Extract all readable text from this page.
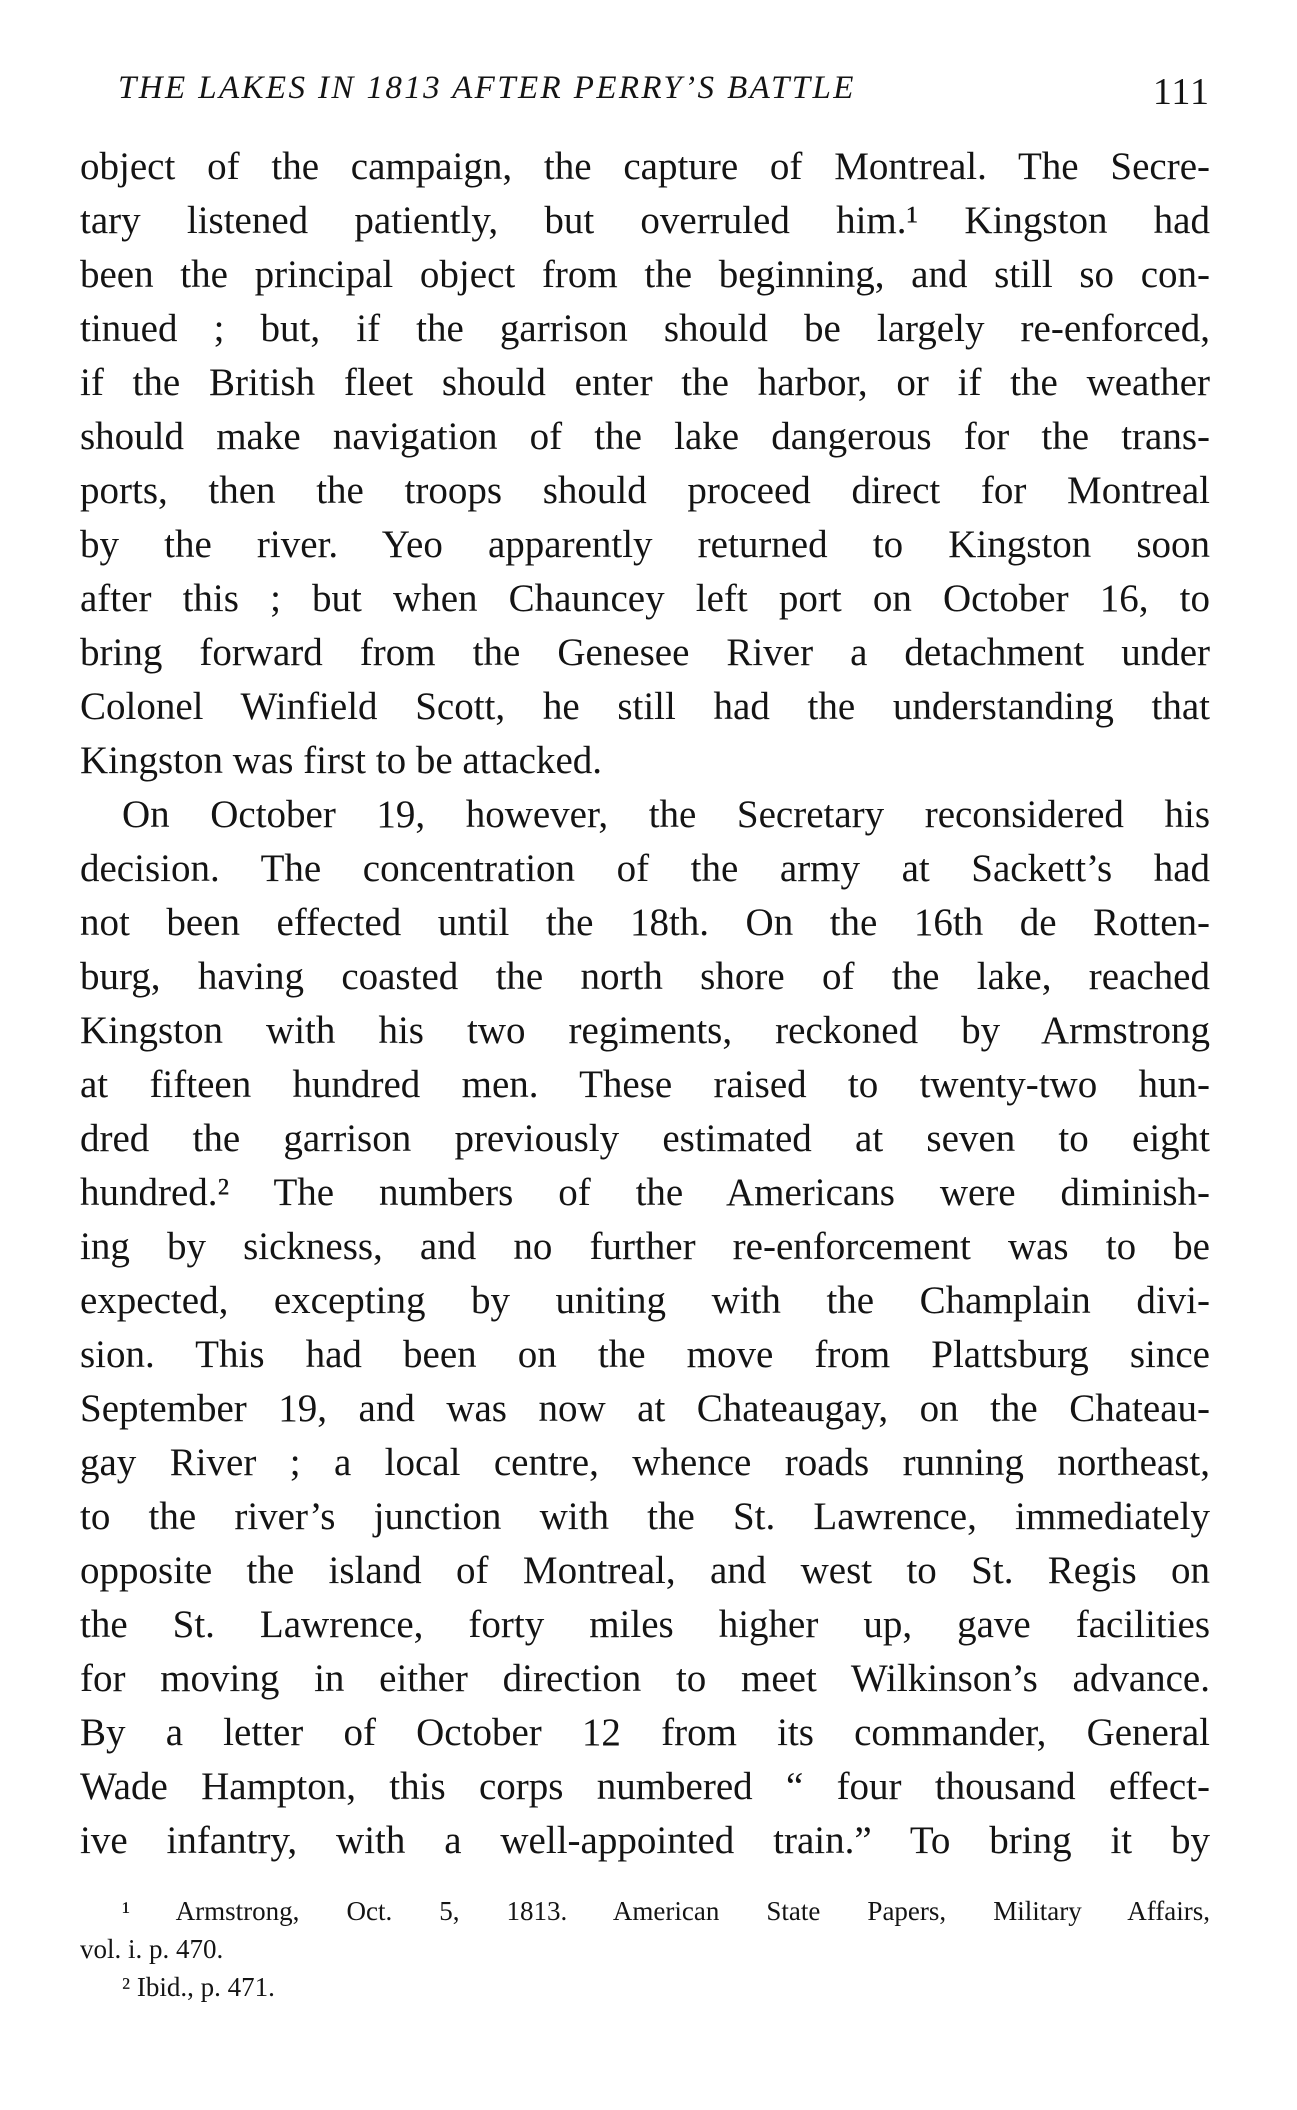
THE LAKES IN 1813 AFTER PERRY’S BATTLE	111
object of the campaign, the capture of Montreal. The Secre-
tary listened patiently, but overruled him.¹ Kingston had
been the principal object from the beginning, and still so con-
tinued ; but, if the garrison should be largely re-enforced,
if the British fleet should enter the harbor, or if the weather
should make navigation of the lake dangerous for the trans-
ports, then the troops should proceed direct for Montreal
by the river. Yeo apparently returned to Kingston soon
after this ; but when Chauncey left port on October 16, to
bring forward from the Genesee River a detachment under
Colonel Winfield Scott, he still had the understanding that
Kingston was first to be attacked.
On October 19, however, the Secretary reconsidered his
decision. The concentration of the army at Sackett’s had
not been effected until the 18th. On the 16th de Rotten-
burg, having coasted the north shore of the lake, reached
Kingston with his two regiments, reckoned by Armstrong
at fifteen hundred men. These raised to twenty-two hun-
dred the garrison previously estimated at seven to eight
hundred.² The numbers of the Americans were diminish-
ing by sickness, and no further re-enforcement was to be
expected, excepting by uniting with the Champlain divi-
sion. This had been on the move from Plattsburg since
September 19, and was now at Chateaugay, on the Chateau-
gay River ; a local centre, whence roads running northeast,
to the river’s junction with the St. Lawrence, immediately
opposite the island of Montreal, and west to St. Regis on
the St. Lawrence, forty miles higher up, gave facilities
for moving in either direction to meet Wilkinson’s advance.
By a letter of October 12 from its commander, General
Wade Hampton, this corps numbered “ four thousand effect-
ive infantry, with a well-appointed train.” To bring it by
¹ Armstrong, Oct. 5, 1813. American State Papers, Military Affairs,
vol. i. p. 470.
² Ibid., p. 471.
